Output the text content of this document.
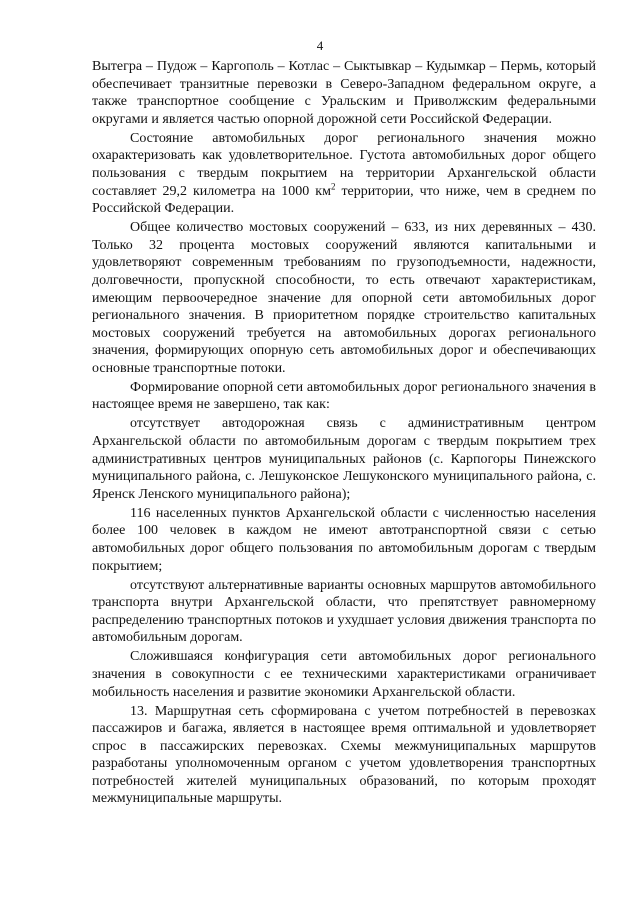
4

Вытегра – Пудож – Каргополь – Котлас – Сыктывкар – Кудымкар – Пермь, который обеспечивает транзитные перевозки в Северо-Западном федеральном округе, а также транспортное сообщение с Уральским и Приволжским федеральными округами и является частью опорной дорожной сети Российской Федерации.

Состояние автомобильных дорог регионального значения можно охарактеризовать как удовлетворительное. Густота автомобильных дорог общего пользования с твердым покрытием на территории Архангельской области составляет 29,2 километра на 1000 $км^2$ территории, что ниже, чем в среднем по Российской Федерации.

Общее количество мостовых сооружений – 633, из них деревянных – 430. Только 32 процента мостовых сооружений являются капитальными и удовлетворяют современным требованиям по грузоподъемности, надежности, долговечности, пропускной способности, то есть отвечают характеристикам, имеющим первоочередное значение для опорной сети автомобильных дорог регионального значения. В приоритетном порядке строительство капитальных мостовых сооружений требуется на автомобильных дорогах регионального значения, формирующих опорную сеть автомобильных дорог и обеспечивающих основные транспортные потоки.

Формирование опорной сети автомобильных дорог регионального значения в настоящее время не завершено, так как:

отсутствует автодорожная связь с административным центром Архангельской области по автомобильным дорогам с твердым покрытием трех административных центров муниципальных районов (с. Карпогоры Пинежского муниципального района, с. Лешуконское Лешуконского муниципального района, с. Яренск Ленского муниципального района);

116 населенных пунктов Архангельской области с численностью населения более 100 человек в каждом не имеют автотранспортной связи с сетью автомобильных дорог общего пользования по автомобильным дорогам с твердым покрытием;

отсутствуют альтернативные варианты основных маршрутов автомобильного транспорта внутри Архангельской области, что препятствует равномерному распределению транспортных потоков и ухудшает условия движения транспорта по автомобильным дорогам.

Сложившаяся конфигурация сети автомобильных дорог регионального значения в совокупности с ее техническими характеристиками ограничивает мобильность населения и развитие экономики Архангельской области.

13. Маршрутная сеть сформирована с учетом потребностей в перевозках пассажиров и багажа, является в настоящее время оптимальной и удовлетворяет спрос в пассажирских перевозках. Схемы межмуниципальных маршрутов разработаны уполномоченным органом с учетом удовлетворения транспортных потребностей жителей муниципальных образований, по которым проходят межмуниципальные маршруты.
